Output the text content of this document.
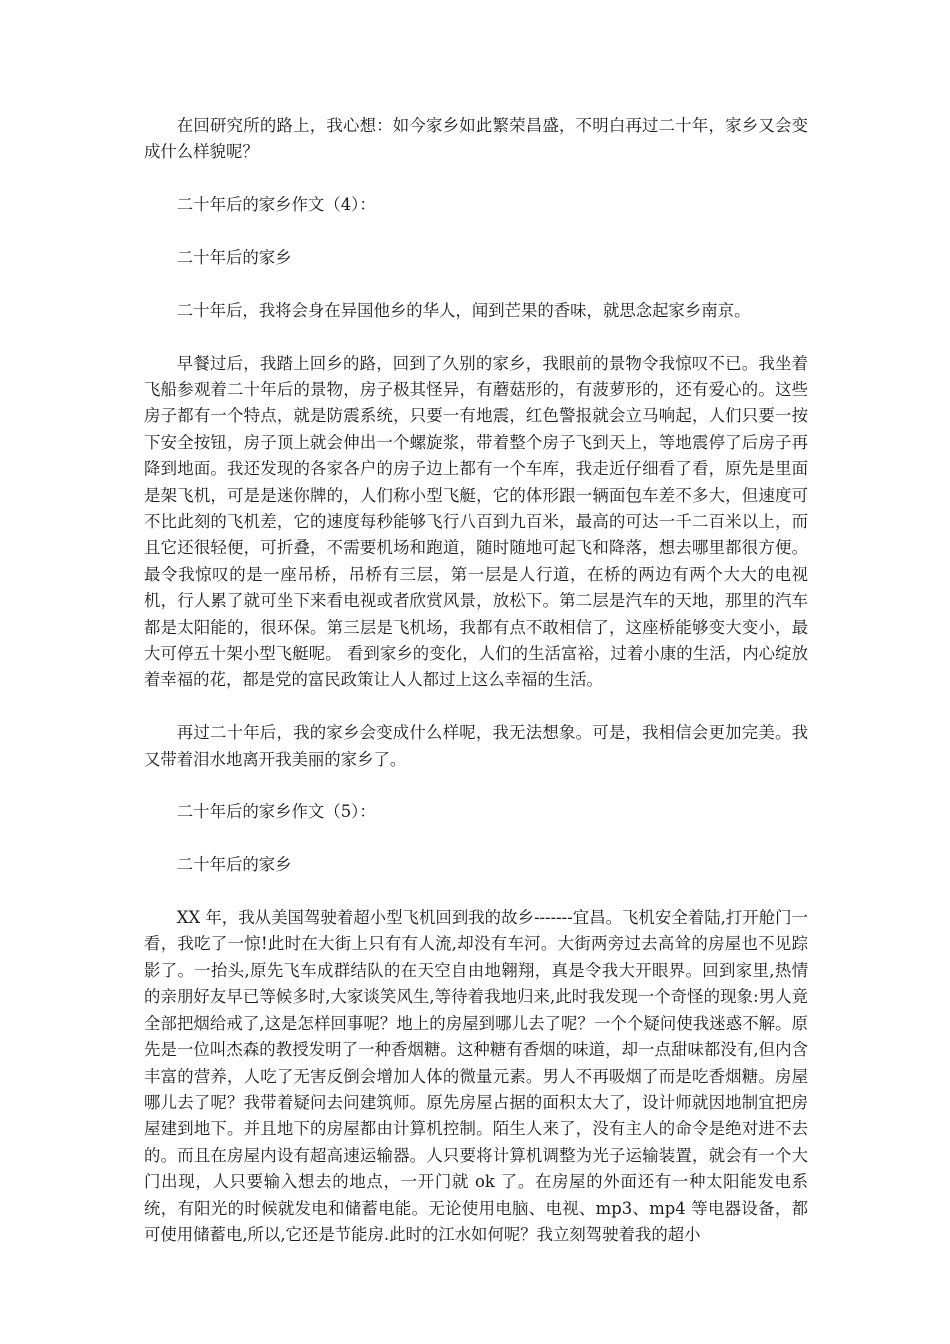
在回研究所的路上，我心想：如今家乡如此繁荣昌盛，不明白再过二十年，家乡又会变成什么样貌呢？

二十年后的家乡作文（4）：

二十年后的家乡

二十年后，我将会身在异国他乡的华人，闻到芒果的香味，就思念起家乡南京。

早餐过后，我踏上回乡的路，回到了久别的家乡，我眼前的景物令我惊叹不已。我坐着飞船参观着二十年后的景物，房子极其怪异，有蘑菇形的，有菠萝形的，还有爱心的。这些房子都有一个特点，就是防震系统，只要一有地震，红色警报就会立马响起，人们只要一按下安全按钮，房子顶上就会伸出一个螺旋浆，带着整个房子飞到天上，等地震停了后房子再降到地面。我还发现的各家各户的房子边上都有一个车库，我走近仔细看了看，原先是里面是架飞机，可是是迷你牌的，人们称小型飞艇，它的体形跟一辆面包车差不多大，但速度可不比此刻的飞机差，它的速度每秒能够飞行八百到九百米，最高的可达一千二百米以上，而且它还很轻便，可折叠，不需要机场和跑道，随时随地可起飞和降落，想去哪里都很方便。最令我惊叹的是一座吊桥，吊桥有三层，第一层是人行道，在桥的两边有两个大大的电视机，行人累了就可坐下来看电视或者欣赏风景，放松下。第二层是汽车的天地，那里的汽车都是太阳能的，很环保。第三层是飞机场，我都有点不敢相信了，这座桥能够变大变小，最大可停五十架小型飞艇呢。 看到家乡的变化，人们的生活富裕，过着小康的生活，内心绽放着幸福的花，都是党的富民政策让人人都过上这么幸福的生活。

再过二十年后，我的家乡会变成什么样呢，我无法想象。可是，我相信会更加完美。我又带着泪水地离开我美丽的家乡了。

二十年后的家乡作文（5）：

二十年后的家乡

XX 年，我从美国驾驶着超小型飞机回到我的故乡-------宜昌。飞机安全着陆,打开舱门一看，我吃了一惊!此时在大街上只有有人流,却没有车河。大街两旁过去高耸的房屋也不见踪影了。一抬头,原先飞车成群结队的在天空自由地翱翔，真是令我大开眼界。回到家里,热情的亲朋好友早已等候多时,大家谈笑风生,等待着我地归来,此时我发现一个奇怪的现象:男人竟全部把烟给戒了,这是怎样回事呢？地上的房屋到哪儿去了呢？一个个疑问使我迷惑不解。原先是一位叫杰森的教授发明了一种香烟糖。这种糖有香烟的味道，却一点甜味都没有,但内含丰富的营养，人吃了无害反倒会增加人体的微量元素。男人不再吸烟了而是吃香烟糖。房屋哪儿去了呢？我带着疑问去问建筑师。原先房屋占据的面积太大了，设计师就因地制宜把房屋建到地下。并且地下的房屋都由计算机控制。陌生人来了，没有主人的命令是绝对进不去的。而且在房屋内设有超高速运输器。人只要将计算机调整为光子运输装置，就会有一个大门出现，人只要输入想去的地点，一开门就 ok 了。在房屋的外面还有一种太阳能发电系统，有阳光的时候就发电和储蓄电能。无论使用电脑、电视、mp3、mp4 等电器设备，都可使用储蓄电,所以,它还是节能房.此时的江水如何呢？我立刻驾驶着我的超小
